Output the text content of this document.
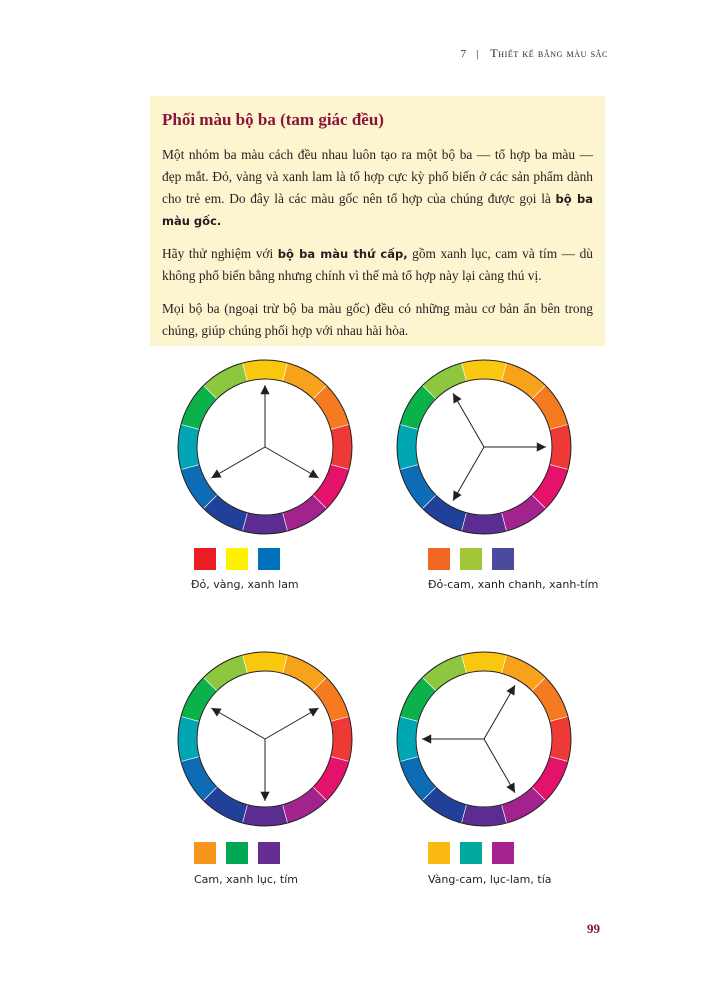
7 | Thiết kế bằng màu sắc
Phối màu bộ ba (tam giác đều)

Một nhóm ba màu cách đều nhau luôn tạo ra một bộ ba — tổ hợp ba màu — đẹp mắt. Đỏ, vàng và xanh lam là tổ hợp cực kỳ phổ biến ở các sản phẩm dành cho trẻ em. Do đây là các màu gốc nên tổ hợp của chúng được gọi là bộ ba màu gốc.

Hãy thử nghiệm với bộ ba màu thứ cấp, gồm xanh lục, cam và tím — dù không phổ biến bằng nhưng chính vì thế mà tổ hợp này lại càng thú vị.

Mọi bộ ba (ngoại trừ bộ ba màu gốc) đều có những màu cơ bản ẩn bên trong chúng, giúp chúng phối hợp với nhau hài hòa.

Đỏ, vàng, xanh lam	Đỏ-cam, xanh chanh, xanh-tím
Cam, xanh lục, tím	Vàng-cam, lục-lam, tía
99
